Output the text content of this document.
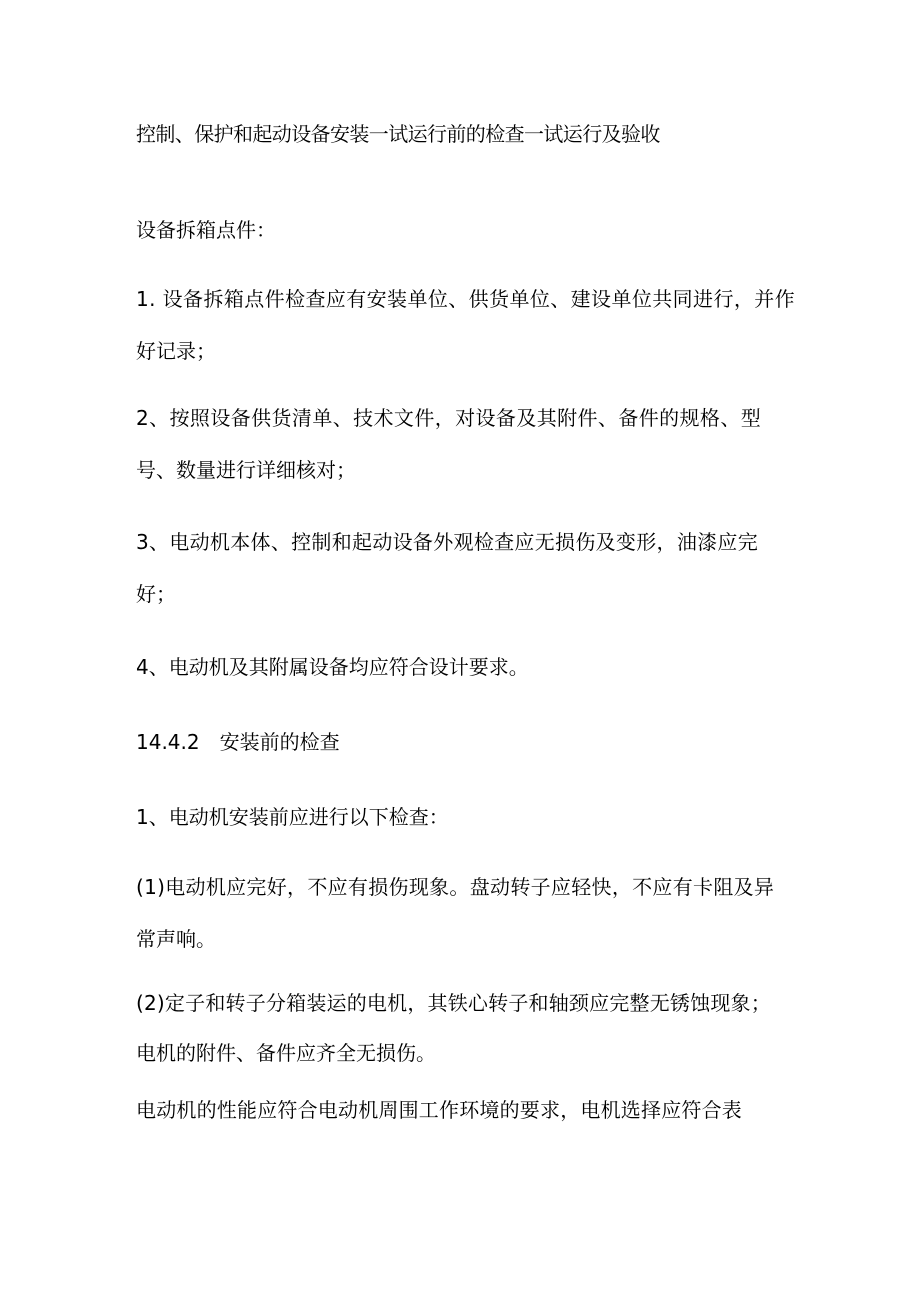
控制、保护和起动设备安装一试运行前的检查一试运行及验收
设备拆箱点件：
1. 设备拆箱点件检查应有安装单位、供货单位、建设单位共同进行，并作
好记录；
2、按照设备供货清单、技术文件，对设备及其附件、备件的规格、型
号、数量进行详细核对；
3、电动机本体、控制和起动设备外观检查应无损伤及变形，油漆应完
好；
4、电动机及其附属设备均应符合设计要求。
14.4.2　安装前的检查
1、电动机安装前应进行以下检查：
(1)电动机应完好，不应有损伤现象。盘动转子应轻快，不应有卡阻及异
常声响。
(2)定子和转子分箱装运的电机，其铁心转子和轴颈应完整无锈蚀现象；
电机的附件、备件应齐全无损伤。
电动机的性能应符合电动机周围工作环境的要求，电机选择应符合表
